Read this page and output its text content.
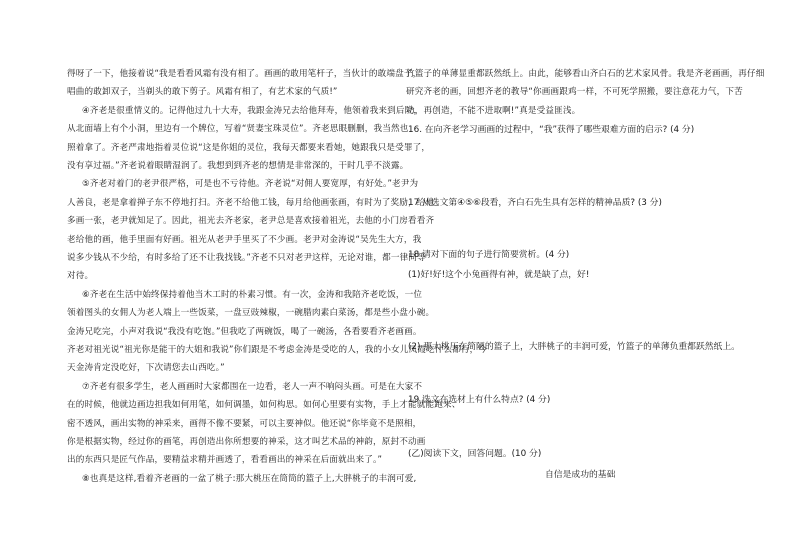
得呀了一下，他接着说“我是看看风霜有没有相了。画画的敢用笔杆子，当伙计的敢端盘子，
唱曲的敢卸双子，当剃头的敢下剪子。风霜有相了，有艺术家的气质!”
④齐老是很重情义的。记得他过九十大寿，我跟金涛兄去给他拜寿，他领着我来到后院，
从北面墙上有个小洞，里边有一个牌位，写着“贤妻宝珠灵位”。齐老思眼删删，我当然也
照着拿了。齐老严肃地指着灵位说“这是你姐的灵位，我每天都要来看她，她跟我只是受罪了，
没有享过福。”齐老说着眼睛湿润了。我想到到齐老的想情是非常深的，干时几乎不淡露。
⑤齐老对着门的老尹很严格，可是也不亏待他。齐老说“对佣人要宽厚，有好处。”老尹为
人善良，老是拿着掸子东不停地打扫。齐老不给他工钱，每月给他画张画，有时为了奖励，给他
多画一张，老尹就知足了。因此，祖光去齐老家，老尹总是喜欢接着祖光，去他的小门房看看齐
老给他的画，他手里面有好画。祖光从老尹手里买了不少画。老尹对金涛说“吴先生大方，我
说多少钱从不少给，有时多给了还不让我找钱。”齐老不只对老尹这样，无论对谁，都一律同等
对待。
⑥齐老在生活中始终保持着他当木工时的朴素习惯。有一次，金涛和我陪齐老吃饭，一位
领着图头的女佣人为老人端上一些饭菜，一盘豆豉辣椒，一碗腊肉素白菜汤，都是些小盘小碗。
金涛兄吃完，小声对我说“我没有吃饱。”但我吃了两碗饭，喝了一碗汤，各看要看齐老画画。
齐老对祖光说“祖光你是能干的大姐和我说”你们跟是不考虑金涛是受吃的人，我的小女儿凤霞吃什么都行，今
天金涛肯定没吃好，下次请您去山西吃。”
⑦齐老有很多学生，老人画画时大家都围在一边看，老人一声不响闷头画。可是在大家不
在的时候，他就边画边担我如何用笔，如何调墨，如何构思。如何心里要有实物，手上才能就能跑来、
密不透风，画出实物的神采来，画得不像不要紧，可以主要神似。他还说“你毕竟不是照相，
你是根据实物，经过你的画笔，再创造出你所想要的神采，这才叫艺术品的神韵，原封不动画
出的东西只是匠气作品，要精益求精并画透了，看看画出的神采在后面就出来了。”
⑧也真是这样,看着齐老画的一盆了桃子:那大桃压在筒筒的篮子上,大胖桃子的丰润可爱,
竹篮子的单薄显重都跃然纸上。由此，能够看山齐白石的艺术家风骨。我是齐老画画，再仔细
研究齐老的画，回想齐老的教导“你画画跟鸡一样，不可死学照搬，要注意花力气，下苦
功，再创造，不能不进取啊!”真是受益匪浅。
16. 在向齐老学习画画的过程中，“我”获得了哪些艰难方面的启示? (4 分)
17 从选文第④⑤⑥段看，齐白石先生具有怎样的精神品质? (3 分)
18 请对下面的句子进行简要赏析。(4 分)
(1)好!好!这个小兔画得有神，就是缺了点，好!
(2) 那大桃压在简陋的篮子上，大胖桃子的丰润可爱，竹篮子的单薄负重都跃然纸上。
19 选文在选材上有什么特点? (4 分)
(乙)阅读下文，回答问题。(10 分)
自信是成功的基础
